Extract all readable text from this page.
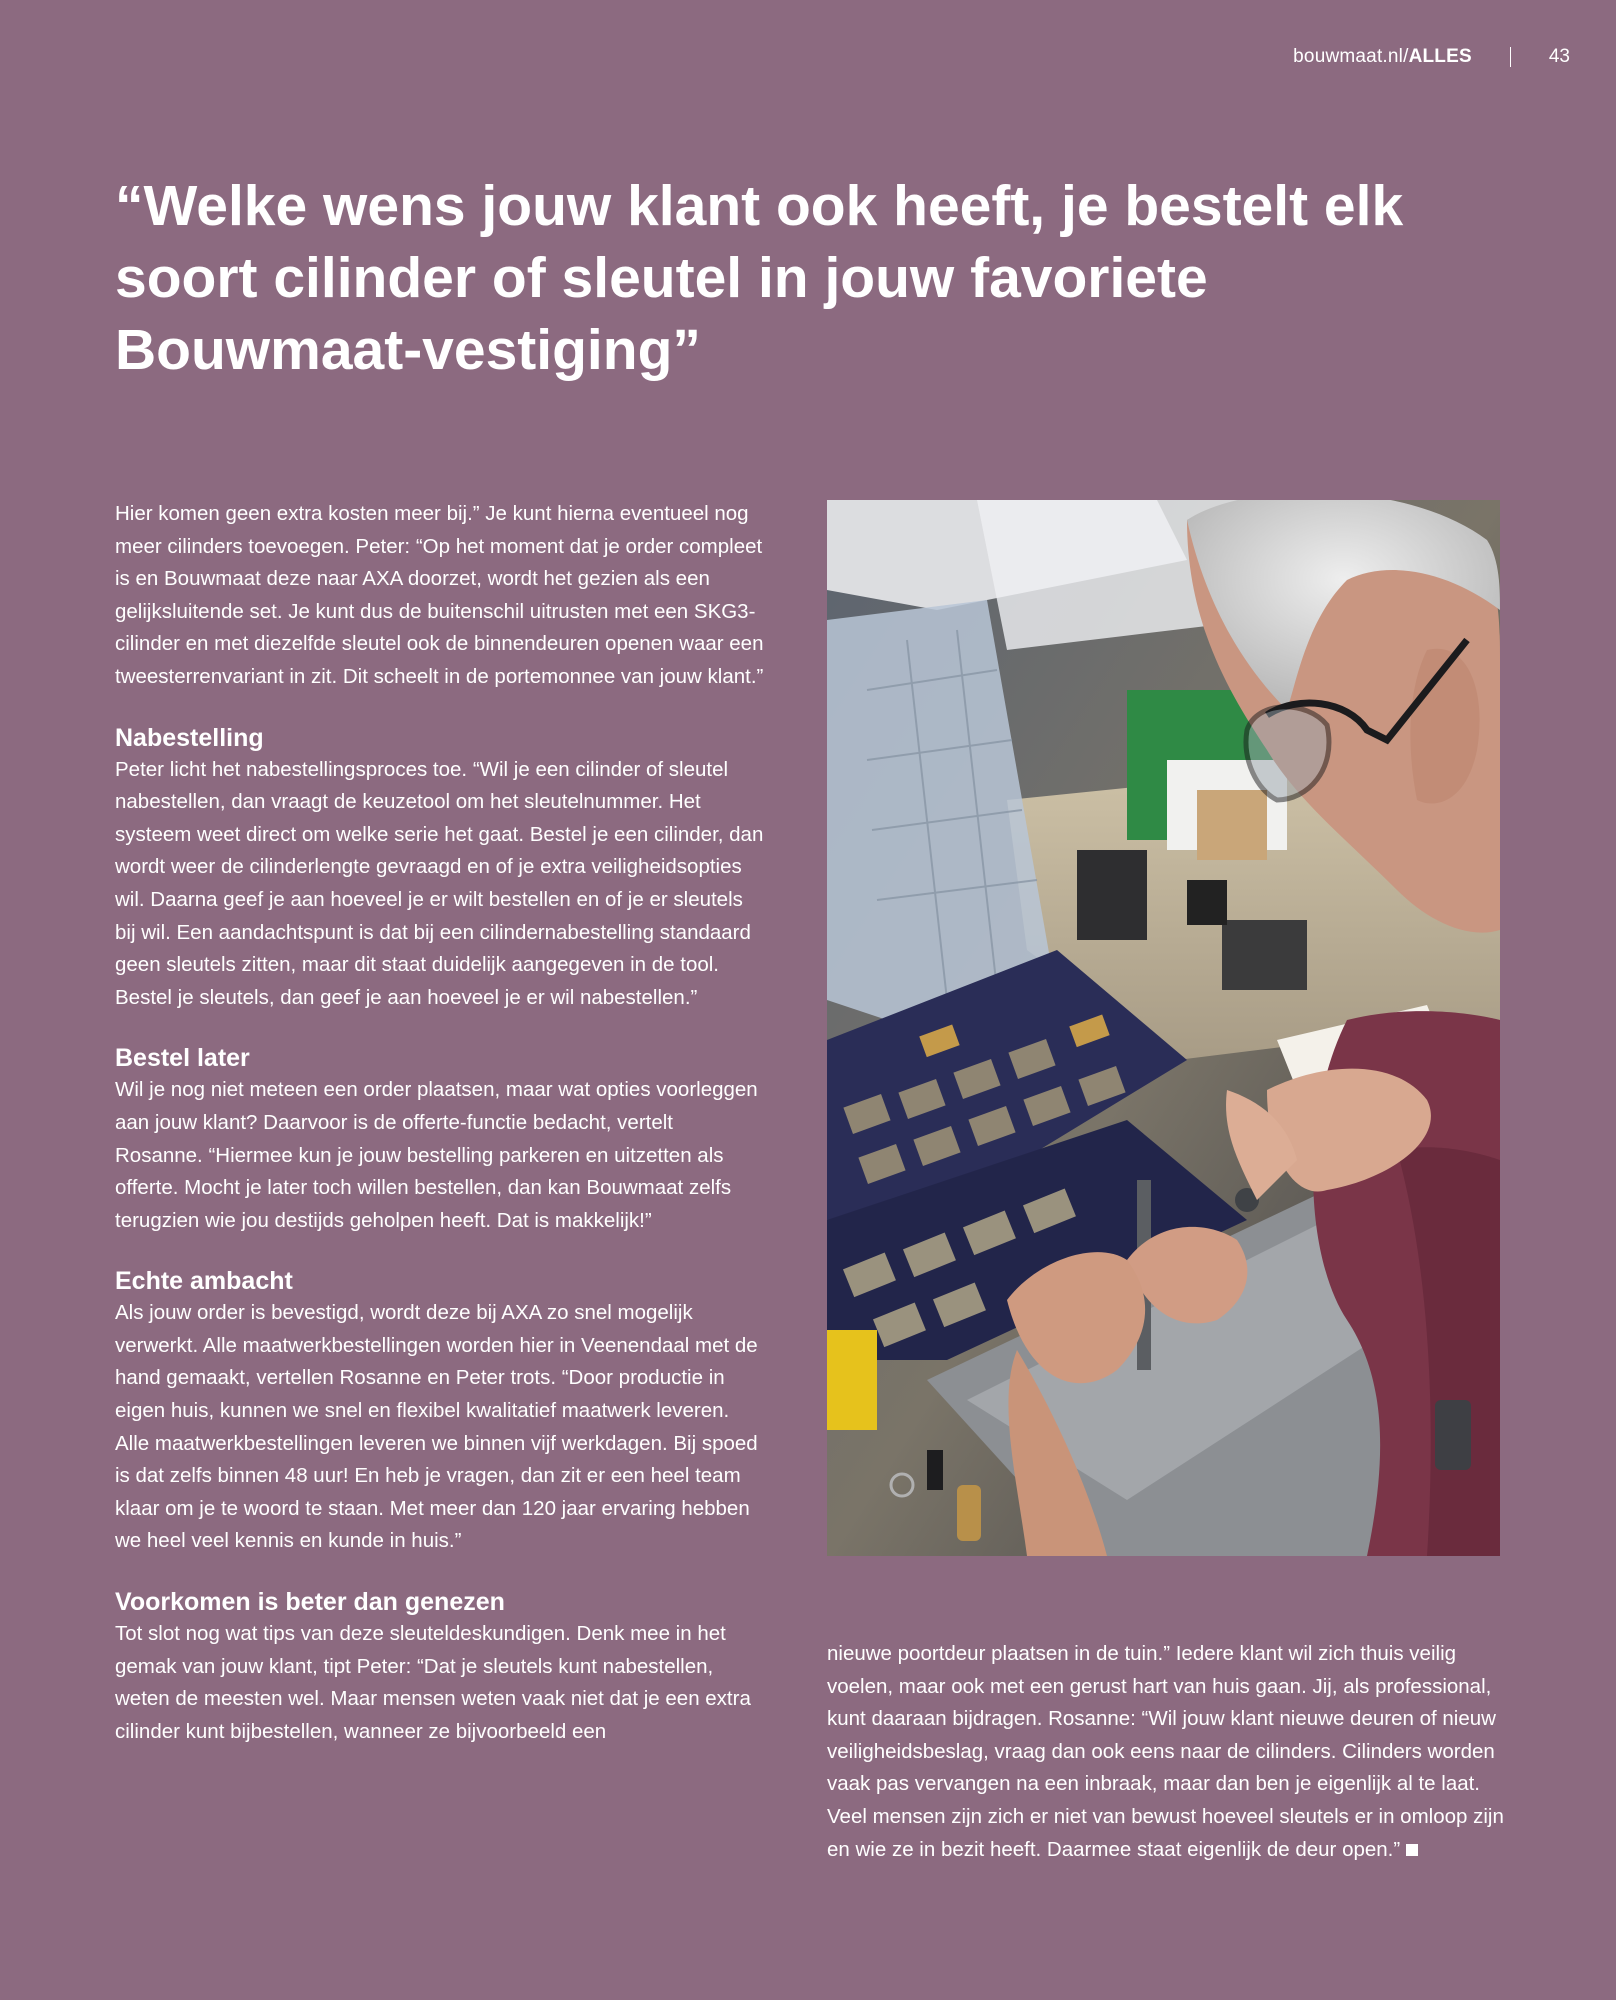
bouwmaat.nl/ALLES	43
“Welke wens jouw klant ook heeft, je bestelt elk soort cilinder of sleutel in jouw favoriete Bouwmaat-vestiging”

Hier komen geen extra kosten meer bij.” Je kunt hierna eventueel nog meer cilinders toevoegen. Peter: “Op het moment dat je order compleet is en Bouwmaat deze naar AXA doorzet, wordt het gezien als een gelijksluitende set. Je kunt dus de buitenschil uitrusten met een SKG3-cilinder en met diezelfde sleutel ook de binnendeuren openen waar een tweesterrenvariant in zit. Dit scheelt in de portemonnee van jouw klant.”

Nabestelling

Peter licht het nabestellingsproces toe. “Wil je een cilinder of sleutel nabestellen, dan vraagt de keuzetool om het sleutelnummer. Het systeem weet direct om welke serie het gaat. Bestel je een cilinder, dan wordt weer de cilinderlengte gevraagd en of je extra veiligheidsopties wil. Daarna geef je aan hoeveel je er wilt bestellen en of je er sleutels bij wil. Een aandachtspunt is dat bij een cilindernabestelling standaard geen sleutels zitten, maar dit staat duidelijk aangegeven in de tool. Bestel je sleutels, dan geef je aan hoeveel je er wil nabestellen.”

Bestel later

Wil je nog niet meteen een order plaatsen, maar wat opties voorleggen aan jouw klant? Daarvoor is de offerte-functie bedacht, vertelt Rosanne. “Hiermee kun je jouw bestelling parkeren en uitzetten als offerte. Mocht je later toch willen bestellen, dan kan Bouwmaat zelfs terugzien wie jou destijds geholpen heeft. Dat is makkelijk!”

Echte ambacht

Als jouw order is bevestigd, wordt deze bij AXA zo snel mogelijk verwerkt. Alle maatwerkbestellingen worden hier in Veenendaal met de hand gemaakt, vertellen Rosanne en Peter trots. “Door productie in eigen huis, kunnen we snel en flexibel kwalitatief maatwerk leveren. Alle maatwerkbestellingen leveren we binnen vijf werkdagen. Bij spoed is dat zelfs binnen 48 uur! En heb je vragen, dan zit er een heel team klaar om je te woord te staan. Met meer dan 120 jaar ervaring hebben we heel veel kennis en kunde in huis.”

Voorkomen is beter dan genezen

Tot slot nog wat tips van deze sleuteldeskundigen. Denk mee in het gemak van jouw klant, tipt Peter: “Dat je sleutels kunt nabestellen, weten de meesten wel. Maar mensen weten vaak niet dat je een extra cilinder kunt bijbestellen, wanneer ze bijvoorbeeld een

nieuwe poortdeur plaatsen in de tuin.” Iedere klant wil zich thuis veilig voelen, maar ook met een gerust hart van huis gaan. Jij, als professional, kunt daaraan bijdragen. Rosanne: “Wil jouw klant nieuwe deuren of nieuw veiligheidsbeslag, vraag dan ook eens naar de cilinders. Cilinders worden vaak pas vervangen na een inbraak, maar dan ben je eigenlijk al te laat. Veel mensen zijn zich er niet van bewust hoeveel sleutels er in omloop zijn en wie ze in bezit heeft. Daarmee staat eigenlijk de deur open.”
